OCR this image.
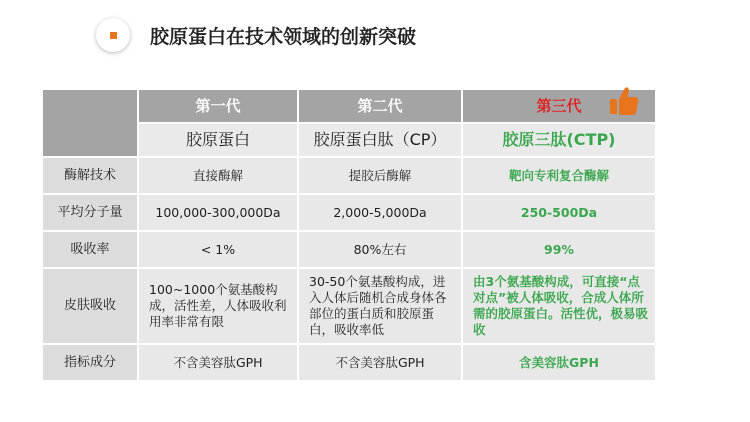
胶原蛋白在技术领域的创新突破
	第一代	第二代	第三代

	胶原蛋白	胶原蛋白肽（CP）	胶原三肽(CTP)
酶解技术	直接酶解	提胶后酶解	靶向专利复合酶解
平均分子量	100,000-300,000Da	2,000-5,000Da	250-500Da
吸收率	< 1%	80%左右	99%
皮肤吸收	100~1000个氨基酸构成，活性差，人体吸收利用率非常有限	30-50个氨基酸构成，进入人体后随机合成身体各部位的蛋白质和胶原蛋白，吸收率低	由3个氨基酸构成，可直接“点对点”被人体吸收，合成人体所需的胶原蛋白。活性优，极易吸收
指标成分	不含美容肽GPH	不含美容肽GPH	含美容肽GPH
